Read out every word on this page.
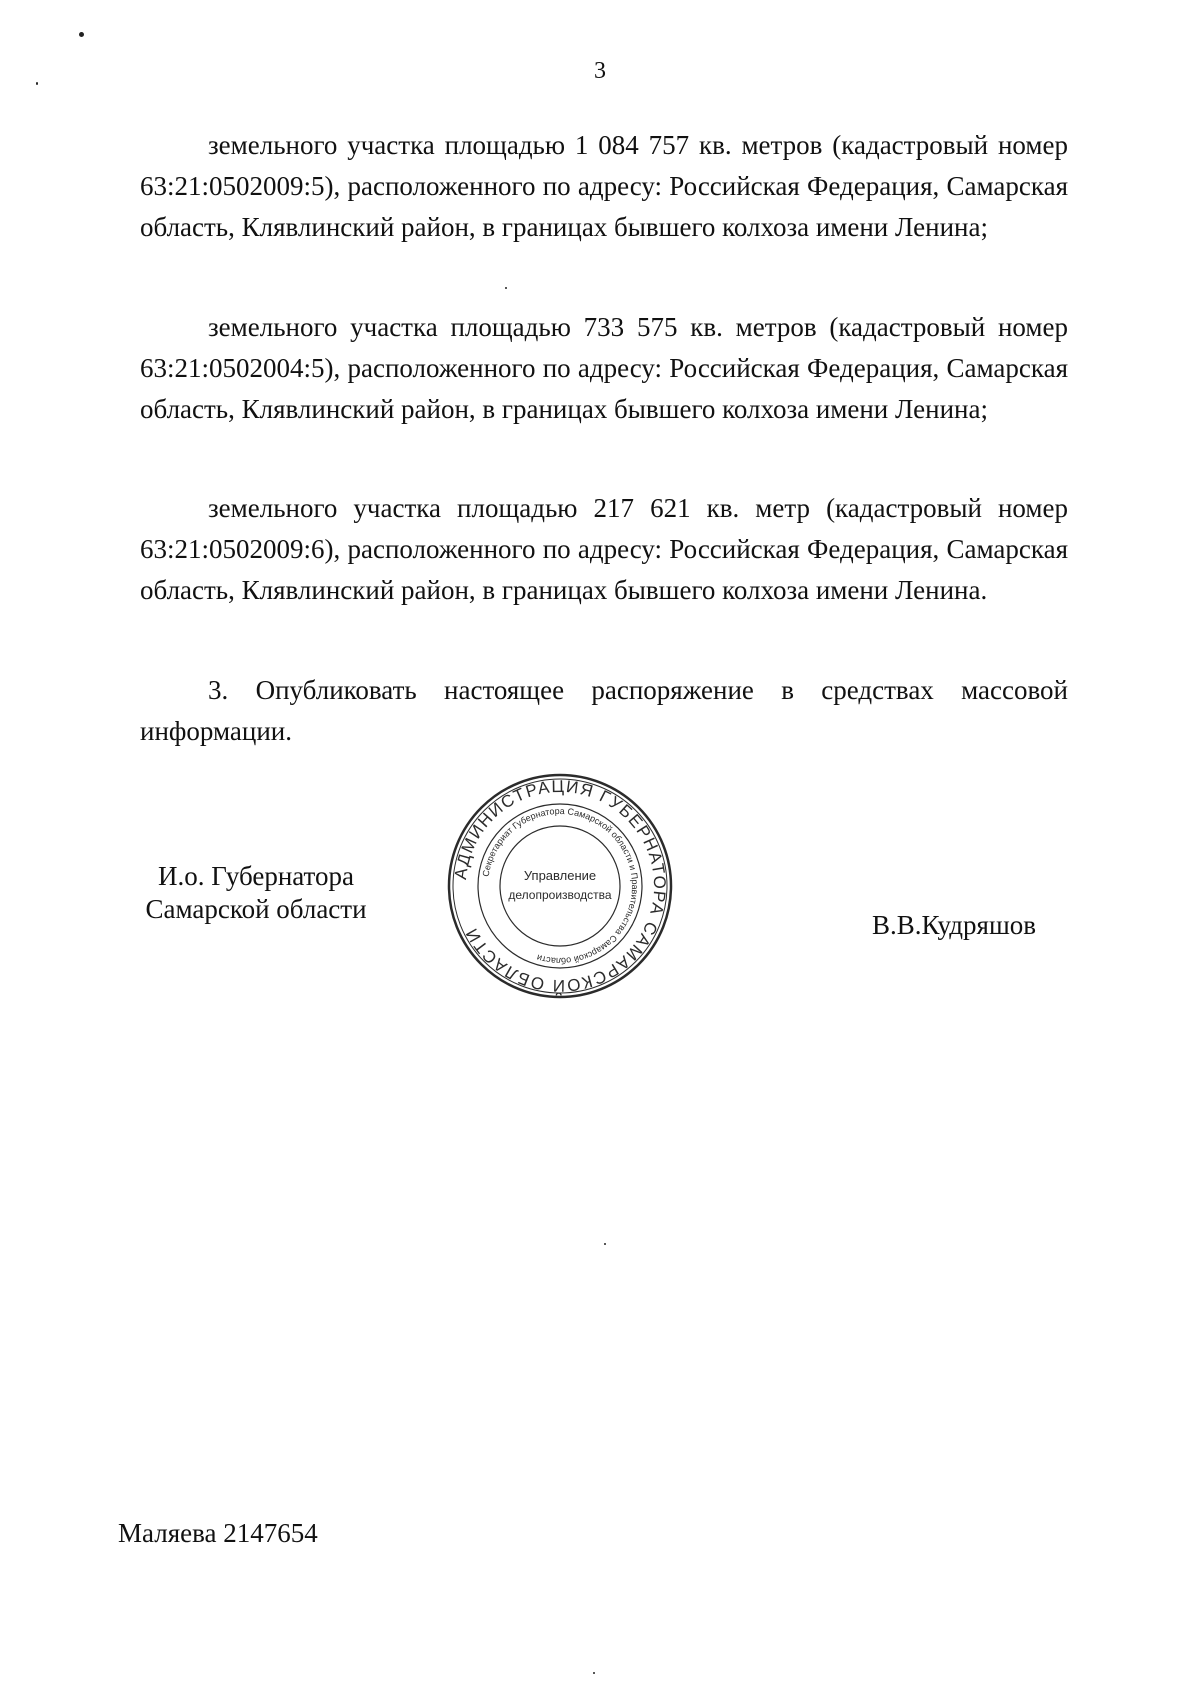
3

земельного участка площадью 1 084 757 кв. метров (кадастровый номер 63:21:0502009:5), расположенного по адресу: Российская Федерация, Самарская область, Клявлинский район, в границах бывшего колхоза имени Ленина;

земельного участка площадью 733 575 кв. метров (кадастровый номер 63:21:0502004:5), расположенного по адресу: Российская Федерация, Самарская область, Клявлинский район, в границах бывшего колхоза имени Ленина;

земельного участка площадью 217 621 кв. метр (кадастровый номер 63:21:0502009:6), расположенного по адресу: Российская Федерация, Самарская область, Клявлинский район, в границах бывшего колхоза имени Ленина.

3. Опубликовать настоящее распоряжение в средствах массовой информации.

И.о. Губернатора
Самарской области
АДМИНИСТРАЦИЯ ГУБЕРНАТОРА САМАРСКОЙ ОБЛАСТИ
Секретариат Губернатора Самарской области и Правительства Самарской области
Управление
делопроизводства
В.В.Кудряшов
Маляева 2147654
